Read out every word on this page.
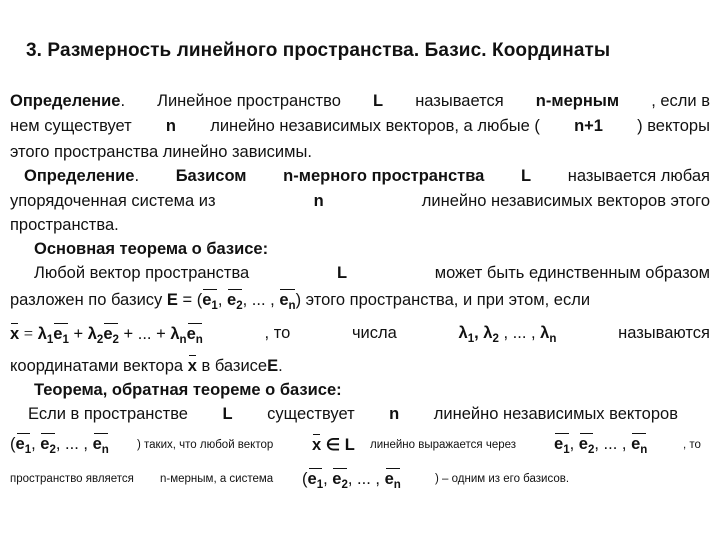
3. Размерность линейного пространства. Базис. Координаты
Определение. Линейное пространство L называется n-мерным , если в
нем существует n линейно независимых векторов, а любые ( n+1 ) векторы
этого пространства линейно зависимы.
Определение. Базисом n-мерного пространства L называется любая
упорядоченная система из	n	линейно независимых векторов этого
пространства.
Основная теорема о базисе:
Любой вектор пространства	L	может быть единственным образом
разложен по базису $E = (e_1$, $e_2$, ... , $e_n$) этого пространства, и при этом, если
$x = \lambda_1e_1 + \lambda_2e_2$ + ... + $\lambda_ne_n$	, то	числа	$\lambda_1$, $\lambda_2$ , ... , $\lambda_n$	называются
координатами вектора x в базисеE.
Теорема, обратная теореме о базисе:
Если в пространстве L существует n линейно независимых векторов
($e_1$, $e_2$, ... , $e_n$ ) таких, что любой вектор x ∈ L линейно выражается через $e_1$, $e_2$, ... , $e_n$	, то
пространство является n-мерным, а система ($e_1$, $e_2$, ... , $e_n$
) – одним из его базисов.
